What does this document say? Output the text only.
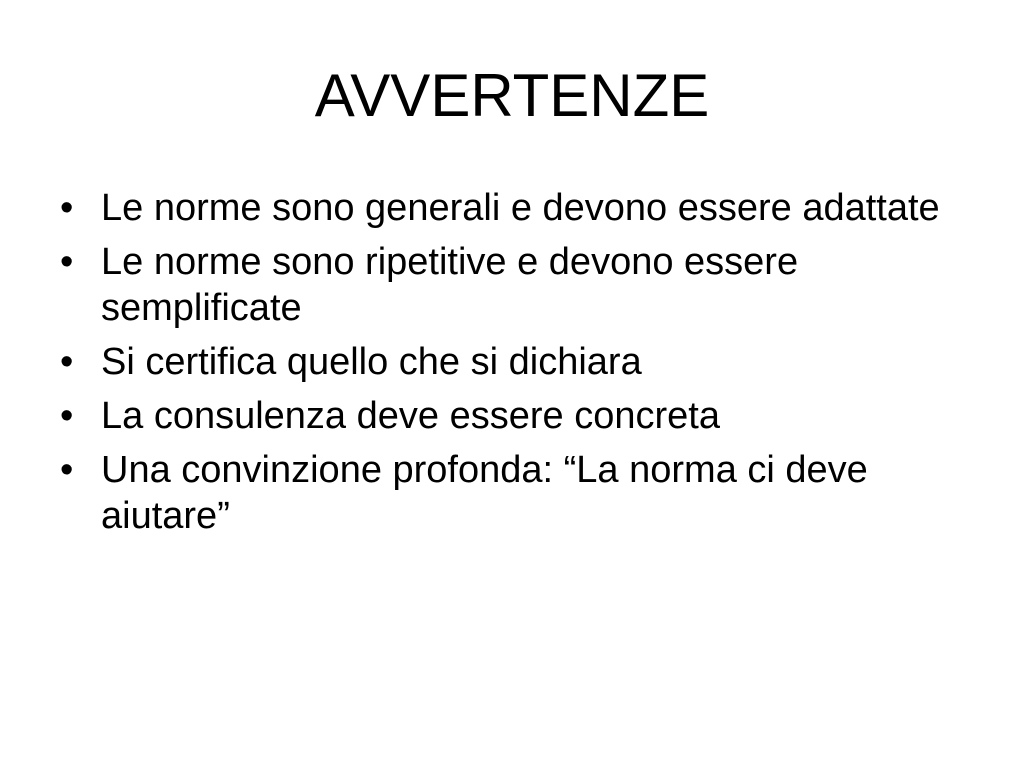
AVVERTENZE
• Le norme sono generali e devono essere adattate
• Le norme sono ripetitive e devono essere semplificate
• Si certifica quello che si dichiara
• La consulenza deve essere concreta
• Una convinzione profonda: “La norma ci deve aiutare”
